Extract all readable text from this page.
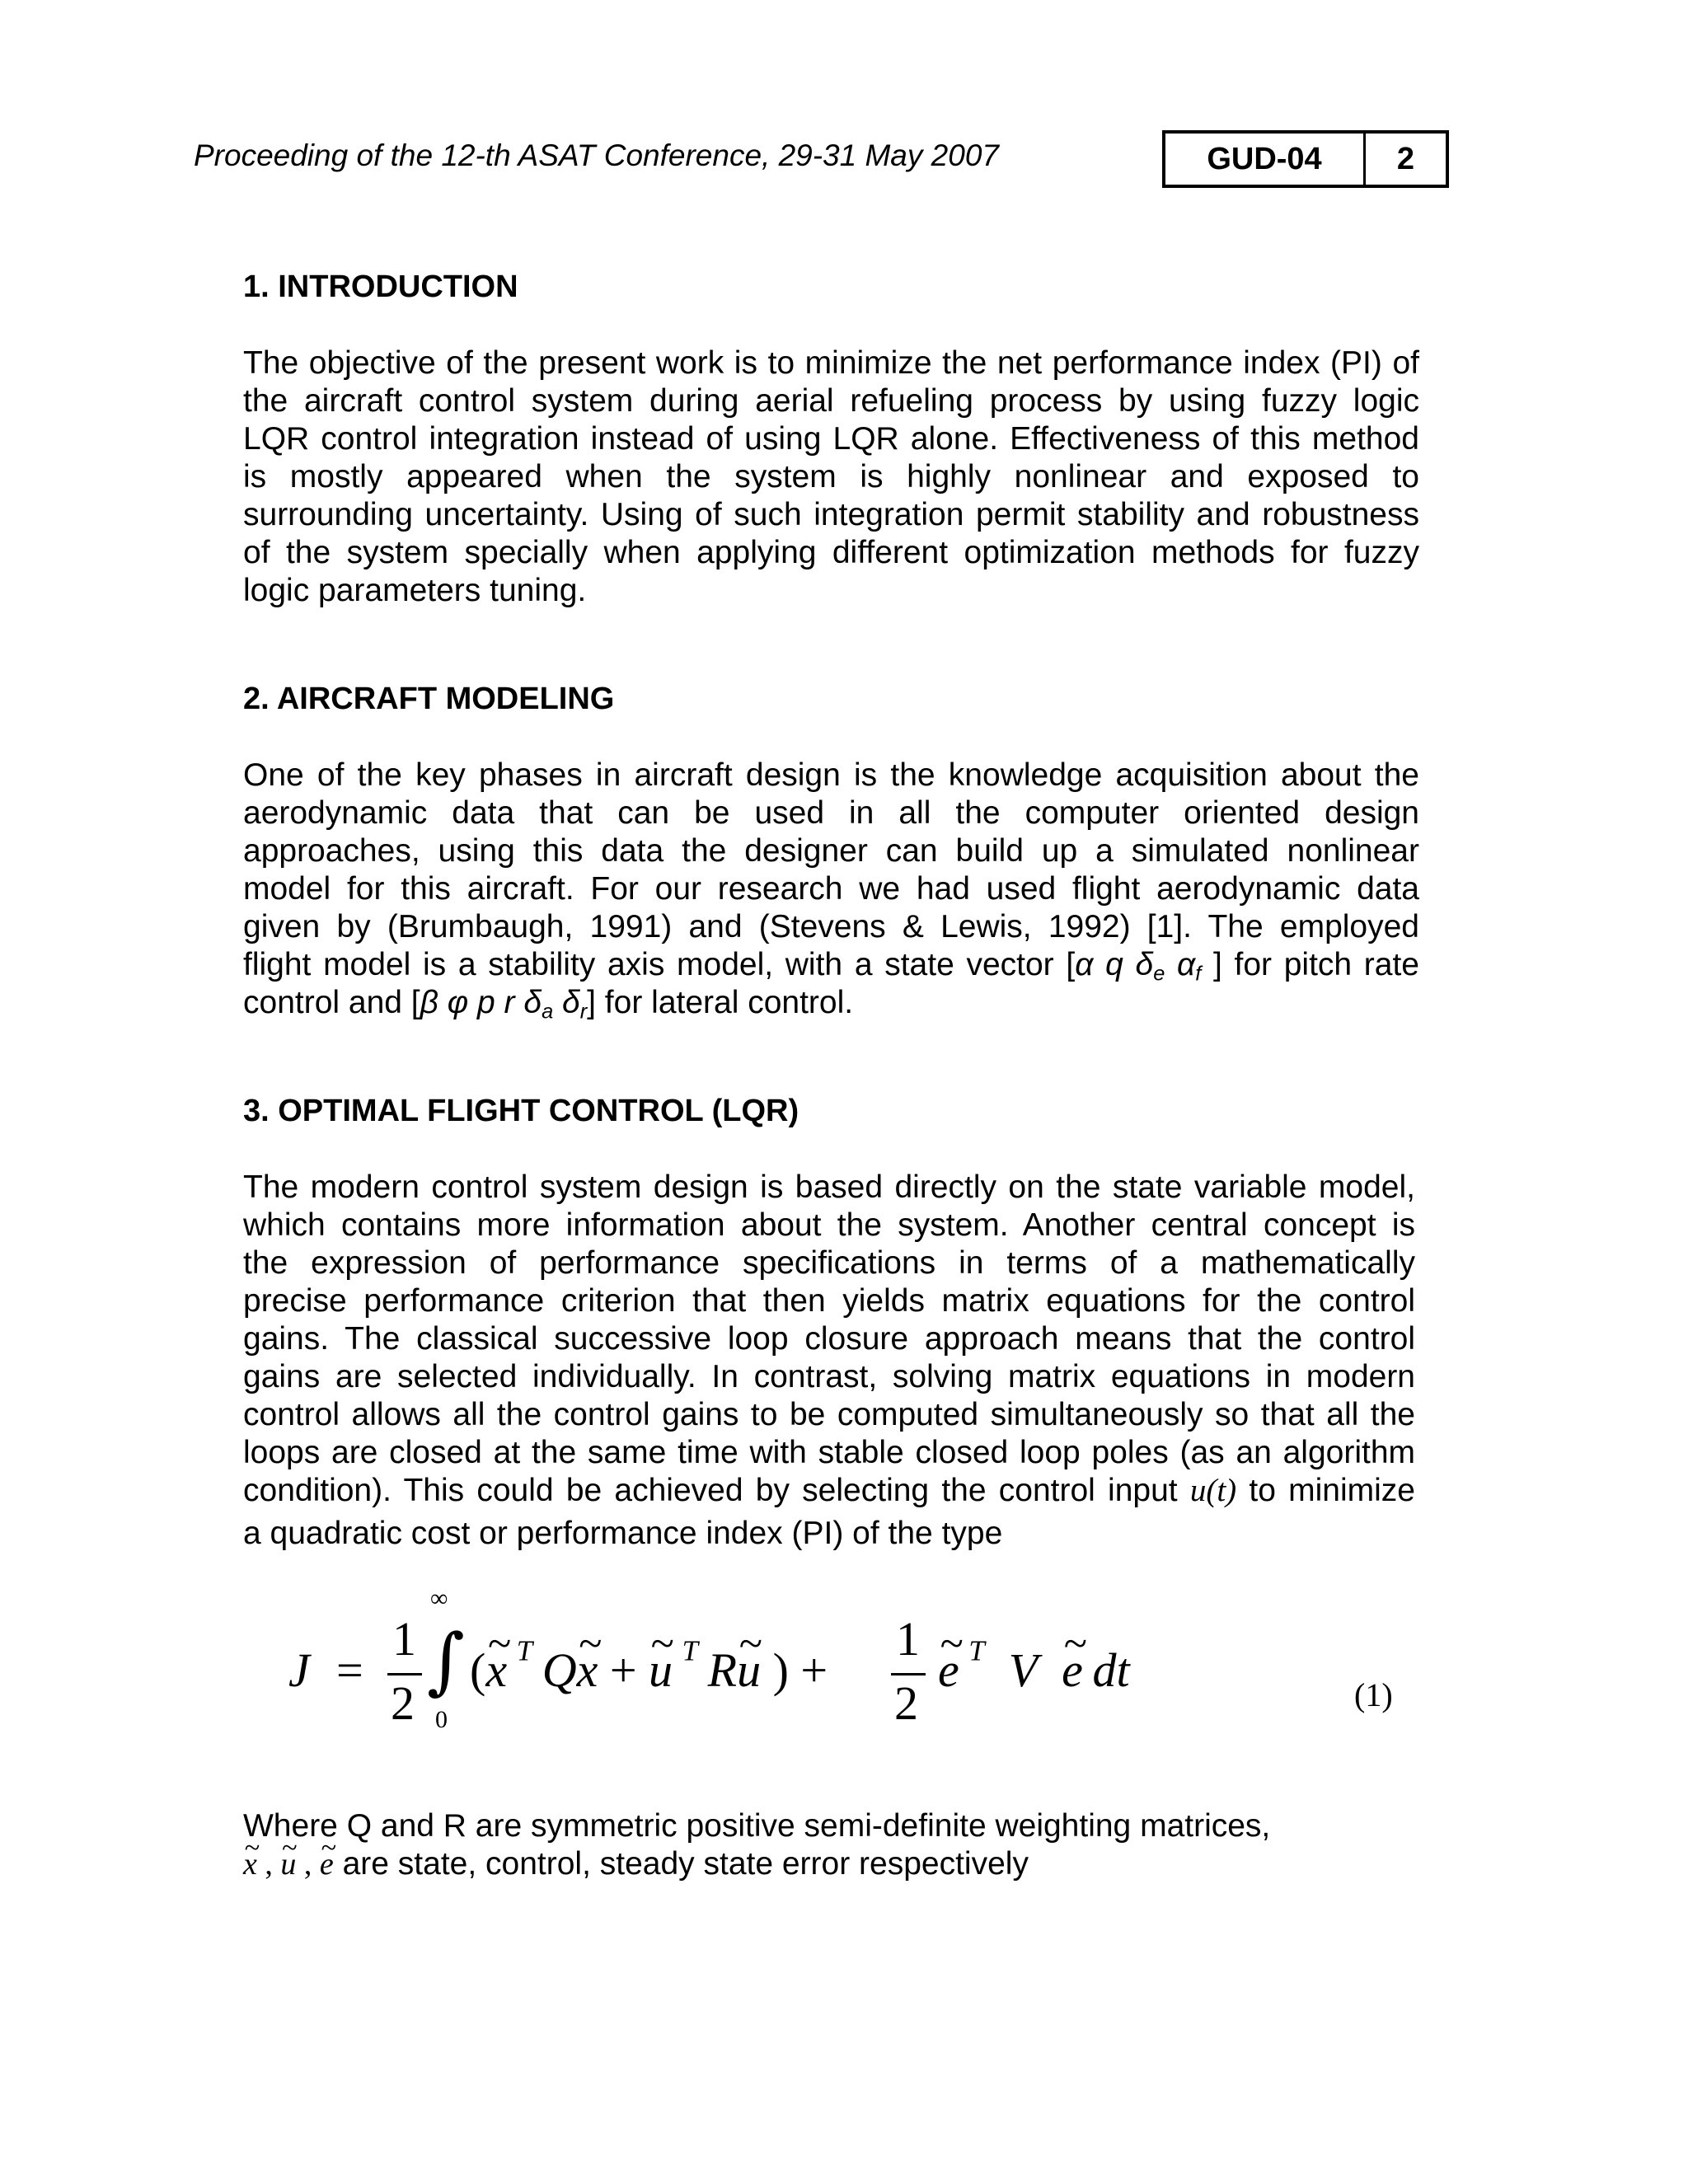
Proceeding of the 12-th ASAT Conference, 29-31 May 2007	GUD-04	2
1. INTRODUCTION
The objective of the present work is to minimize the net performance index (PI) of
the aircraft control system during aerial refueling process by using fuzzy logic
LQR control integration instead of using LQR alone. Effectiveness of this method
is mostly appeared when the system is highly nonlinear and exposed to
surrounding uncertainty. Using of such integration permit stability and robustness
of the system specially when applying different optimization methods for fuzzy
logic parameters tuning.
2. AIRCRAFT MODELING
One of the key phases in aircraft design is the knowledge acquisition about the
aerodynamic data that can be used in all the computer oriented design
approaches, using this data the designer can build up a simulated nonlinear
model for this aircraft. For our research we had used flight aerodynamic data
given by (Brumbaugh, 1991) and (Stevens & Lewis, 1992) [1]. The employed
flight model is a stability axis model, with a state vector [α q $\delta_e$ $\alpha_f$ ] for pitch rate
control and [β φ p r $\delta_a$ $\delta_r$] for lateral control.
3. OPTIMAL FLIGHT CONTROL (LQR)
The modern control system design is based directly on the state variable model,
which contains more information about the system. Another central concept is
the expression of performance specifications in terms of a mathematically
precise performance criterion that then yields matrix equations for the control
gains. The classical successive loop closure approach means that the control
gains are selected individually. In contrast, solving matrix equations in modern
control allows all the control gains to be computed simultaneously so that all the
loops are closed at the same time with stable closed loop poles (as an algorithm
condition). This could be achieved by selecting the control input u(t) to minimize
a quadratic cost or performance index (PI) of the type
J =
1
2
∞
∫
0
(~ x  $^T$  Q~ x + ~ u  $^T$  R~ u ) +
1
2
~ e  $^T$ V ~ e  dt	(1)
Where Q and R are symmetric positive semi-definite weighting matrices,
~ x , ~ u , ~ e are state, control, steady state error respectively
